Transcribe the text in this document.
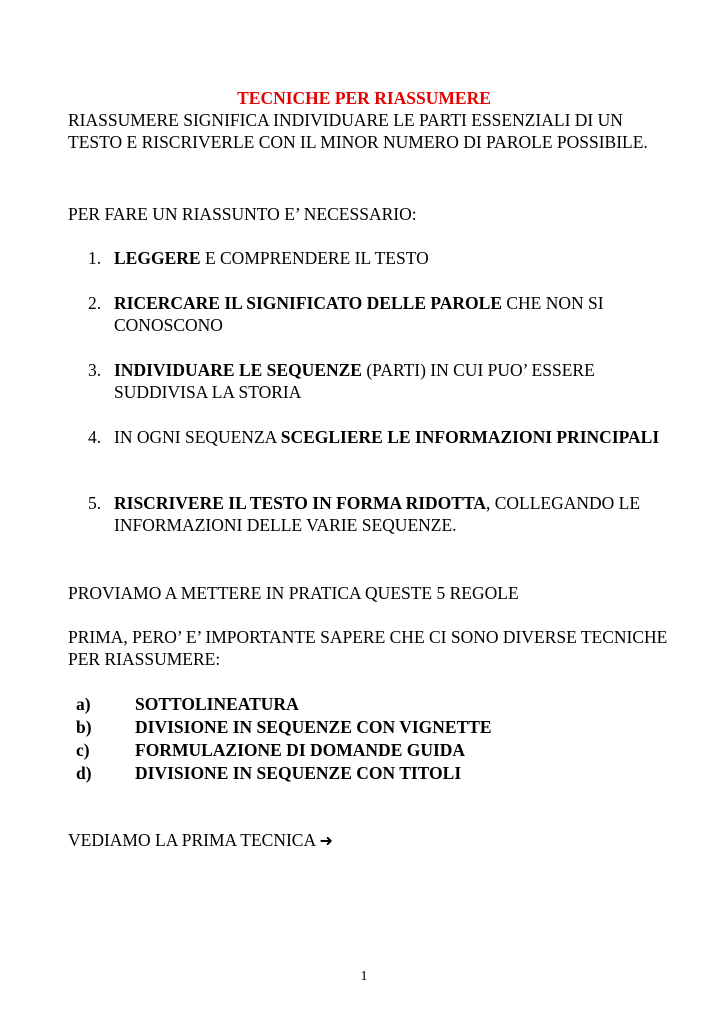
TECNICHE PER RIASSUMERE
RIASSUMERE SIGNIFICA INDIVIDUARE LE PARTI ESSENZIALI DI UN TESTO E RISCRIVERLE CON IL MINOR NUMERO DI PAROLE POSSIBILE.
PER FARE UN RIASSUNTO E’ NECESSARIO:
1. LEGGERE E COMPRENDERE IL TESTO
2. RICERCARE IL SIGNIFICATO DELLE PAROLE CHE NON SI CONOSCONO
3. INDIVIDUARE LE SEQUENZE (PARTI) IN CUI PUO’ ESSERE SUDDIVISA LA STORIA
4. IN OGNI SEQUENZA SCEGLIERE LE INFORMAZIONI PRINCIPALI
5. RISCRIVERE IL TESTO IN FORMA RIDOTTA, COLLEGANDO LE INFORMAZIONI DELLE VARIE SEQUENZE.
PROVIAMO A METTERE IN PRATICA QUESTE 5 REGOLE
PRIMA, PERO’ E’ IMPORTANTE SAPERE CHE CI SONO DIVERSE TECNICHE PER RIASSUMERE:
a)	SOTTOLINEATURA
b) DIVISIONE IN SEQUENZE CON VIGNETTE
c)	FORMULAZIONE DI DOMANDE GUIDA
d) DIVISIONE IN SEQUENZE CON TITOLI
VEDIAMO LA PRIMA TECNICA ➜
1
